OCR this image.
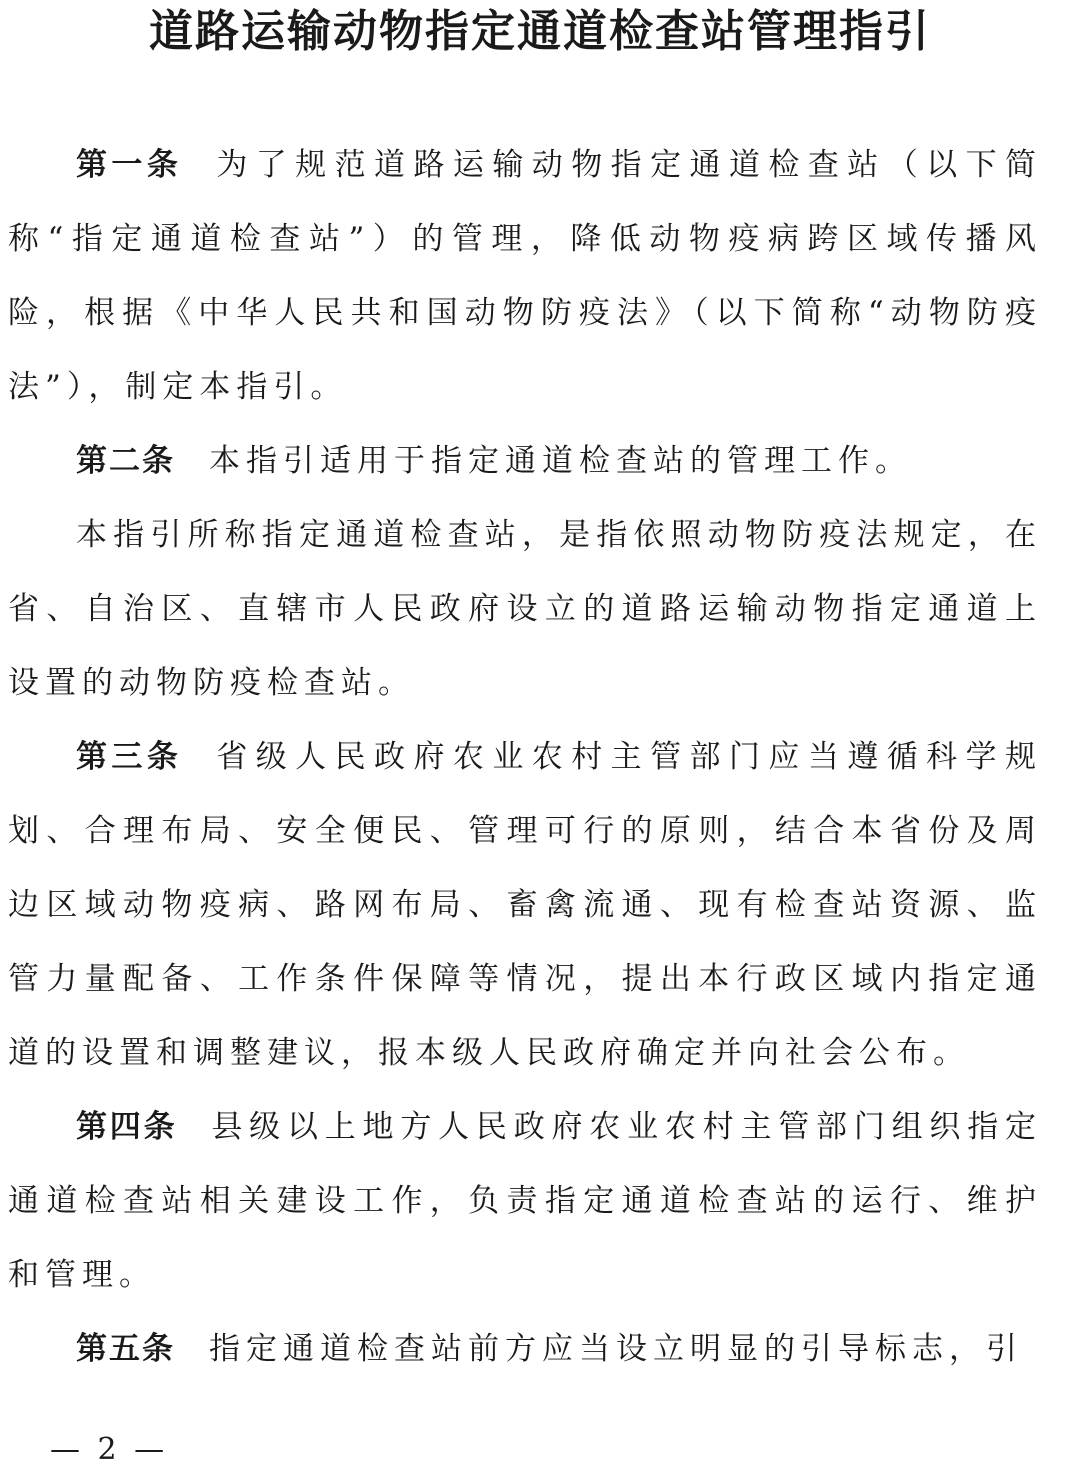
道路运输动物指定通道检查站管理指引

第一条 为了规范道路运输动物指定通道检查站（以下简称“指定通道检查站”）的管理，降低动物疫病跨区域传播风险，根据《中华人民共和国动物防疫法》（以下简称“动物防疫法”），制定本指引。

第二条 本指引适用于指定通道检查站的管理工作。

本指引所称指定通道检查站，是指依照动物防疫法规定，在省、自治区、直辖市人民政府设立的道路运输动物指定通道上设置的动物防疫检查站。

第三条 省级人民政府农业农村主管部门应当遵循科学规划、合理布局、安全便民、管理可行的原则，结合本省份及周边区域动物疫病、路网布局、畜禽流通、现有检查站资源、监管力量配备、工作条件保障等情况，提出本行政区域内指定通道的设置和调整建议，报本级人民政府确定并向社会公布。

第四条 县级以上地方人民政府农业农村主管部门组织指定通道检查站相关建设工作，负责指定通道检查站的运行、维护和管理。

第五条 指定通道检查站前方应当设立明显的引导标志，引

— 2 —
